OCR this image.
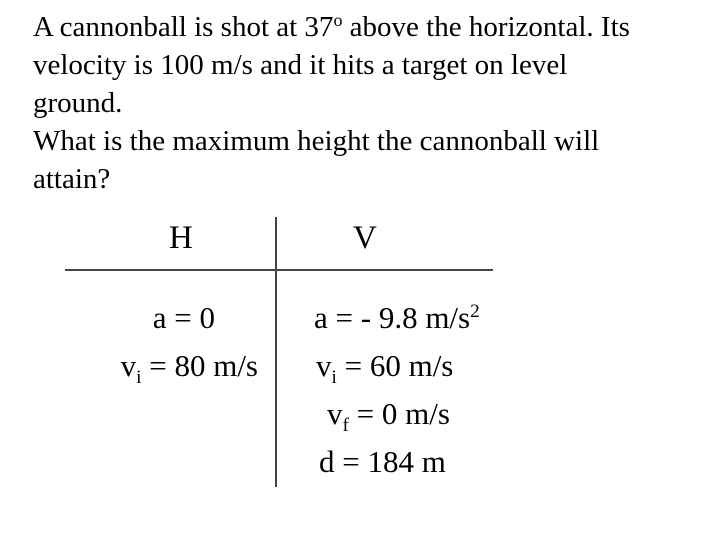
A cannonball is shot at 37$^o$ above the horizontal. Its
velocity is 100 m/s and it hits a target on level
ground.
What is the maximum height the cannonball will
attain?
H	V
a = 0
$v_i = 80$ m/s
a = - 9.8 $m/s^2$
$v_i = 60$ m/s
$v_f = 0$ m/s
d = 184 m
